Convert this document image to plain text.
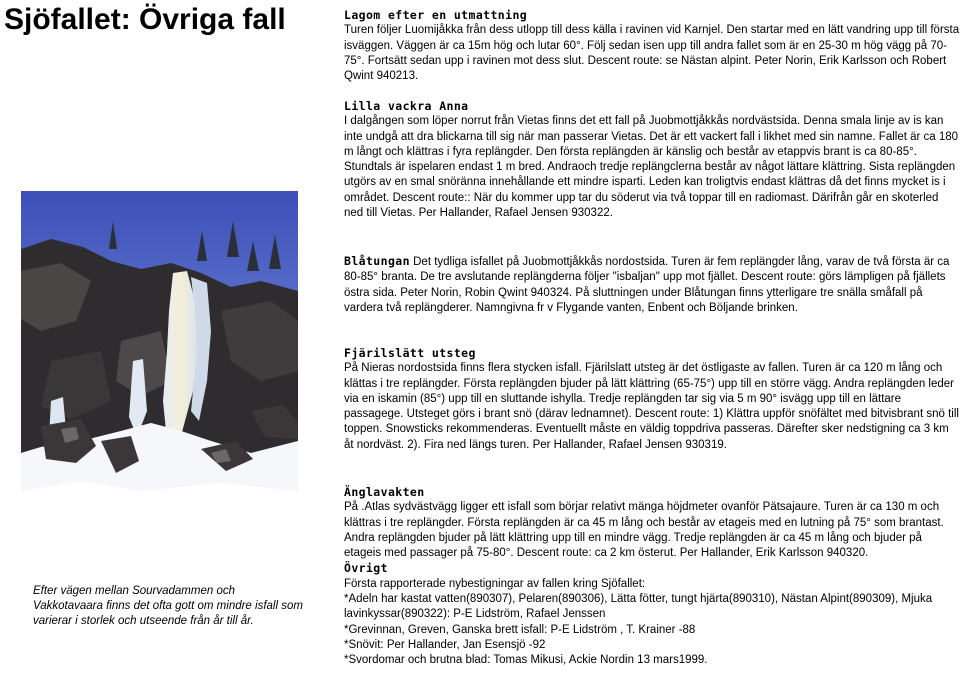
Sjöfallet: Övriga fall
Efter vägen mellan Sourvadammen och Vakkotavaara finns det ofta gott om mindre isfall som varierar i storlek och utseende från år till år.
Lagom efter en utmattning

Turen följer Luomijåkka från dess utlopp till dess källa i ravinen vid Karnjel. Den startar med en lätt vandring upp till första isväggen. Väggen är ca 15m hög och lutar 60°. Följ sedan isen upp till andra fallet som är en 25-30 m hög vägg på 70-75°. Fortsätt sedan upp i ravinen mot dess slut. Descent route: se Nästan alpint. Peter Norin, Erik Karlsson och Robert Qwint 940213.

Lilla vackra Anna

I dalgången som löper norrut från Vietas finns det ett fall på Juobmottjåkkås nordvästsida. Denna smala linje av is kan inte undgå att dra blickarna till sig när man passerar Vietas. Det är ett vackert fall i likhet med sin namne. Fallet är ca 180 m långt och klättras i fyra replängder. Den första replängden är känslig och består av etappvis brant is ca 80-85°. Stundtals är ispelaren endast 1 m bred. Andraoch tredje replängclerna består av något lättare klättring. Sista replängden utgörs av en smal snöränna innehållande ett mindre isparti. Leden kan troligtvis endast klättras då det finns mycket is i området. Descent route:: När du kommer upp tar du söderut via två toppar till en radiomast. Därifrån går en skoterled ned till Vietas. Per Hallander, Rafael Jensen 930322.

Blåtungan Det tydliga isfallet på Juobmottjåkkås nordostsida. Turen är fem replängder lång, varav de två första är ca 80-85° branta. De tre avslutande replängderna följer "isbaljan" upp mot fjället. Descent route: görs lämpligen på fjällets östra sida. Peter Norin, Robin Qwint 940324. På sluttningen under Blåtungan finns ytterligare tre snälla småfall på vardera två replängderer. Namngivna fr v Flygande vanten, Enbent och Böljande brinken.

Fjärilslätt utsteg

På Nieras nordostsida finns flera stycken isfall. Fjärilslatt utsteg är det östligaste av fallen. Turen är ca 120 m lång och klättas i tre replängder. Första replängden bjuder på lätt klättring (65-75°) upp till en större vägg. Andra replängden leder via en iskamin (85°) upp till en sluttande ishylla. Tredje replängden tar sig via 5 m 90° isvägg upp till en lättare passagege. Utsteget görs i brant snö (därav lednamnet). Descent route: 1) Klättra uppför snöfältet med bitvisbrant snö till toppen. Snowsticks rekommenderas. Eventuellt måste en väldig toppdriva passeras. Därefter sker nedstigning ca 3 km åt nordväst. 2). Fira ned längs turen. Per Hallander, Rafael Jensen 930319.

Änglavakten

På .Atlas sydvästvägg ligger ett isfall som börjar relativt mänga höjdmeter ovanför Pätsajaure. Turen är ca 130 m och klättras i tre replängder. Första replängden är ca 45 m lång och består av etageis med en lutning på 75° som brantast. Andra replängden bjuder på lätt klättring upp till en mindre vägg. Tredje replängden är ca 45 m lång och bjuder på etageis med passager på 75-80°. Descent route: ca 2 km österut. Per Hallander, Erik Karlsson 940320.

Övrigt

Första rapporterade nybestigningar av fallen kring Sjöfallet:

*Adeln har kastat vatten(890307), Pelaren(890306), Lätta fötter, tungt hjärta(890310), Nästan Alpint(890309), Mjuka lavinkyssar(890322): P-E Lidström, Rafael Jenssen

*Grevinnan, Greven, Ganska brett isfall: P-E Lidström , T. Krainer -88

*Snövit: Per Hallander, Jan Esensjö -92

*Svordomar och brutna blad: Tomas Mikusi, Ackie Nordin 13 mars1999.
